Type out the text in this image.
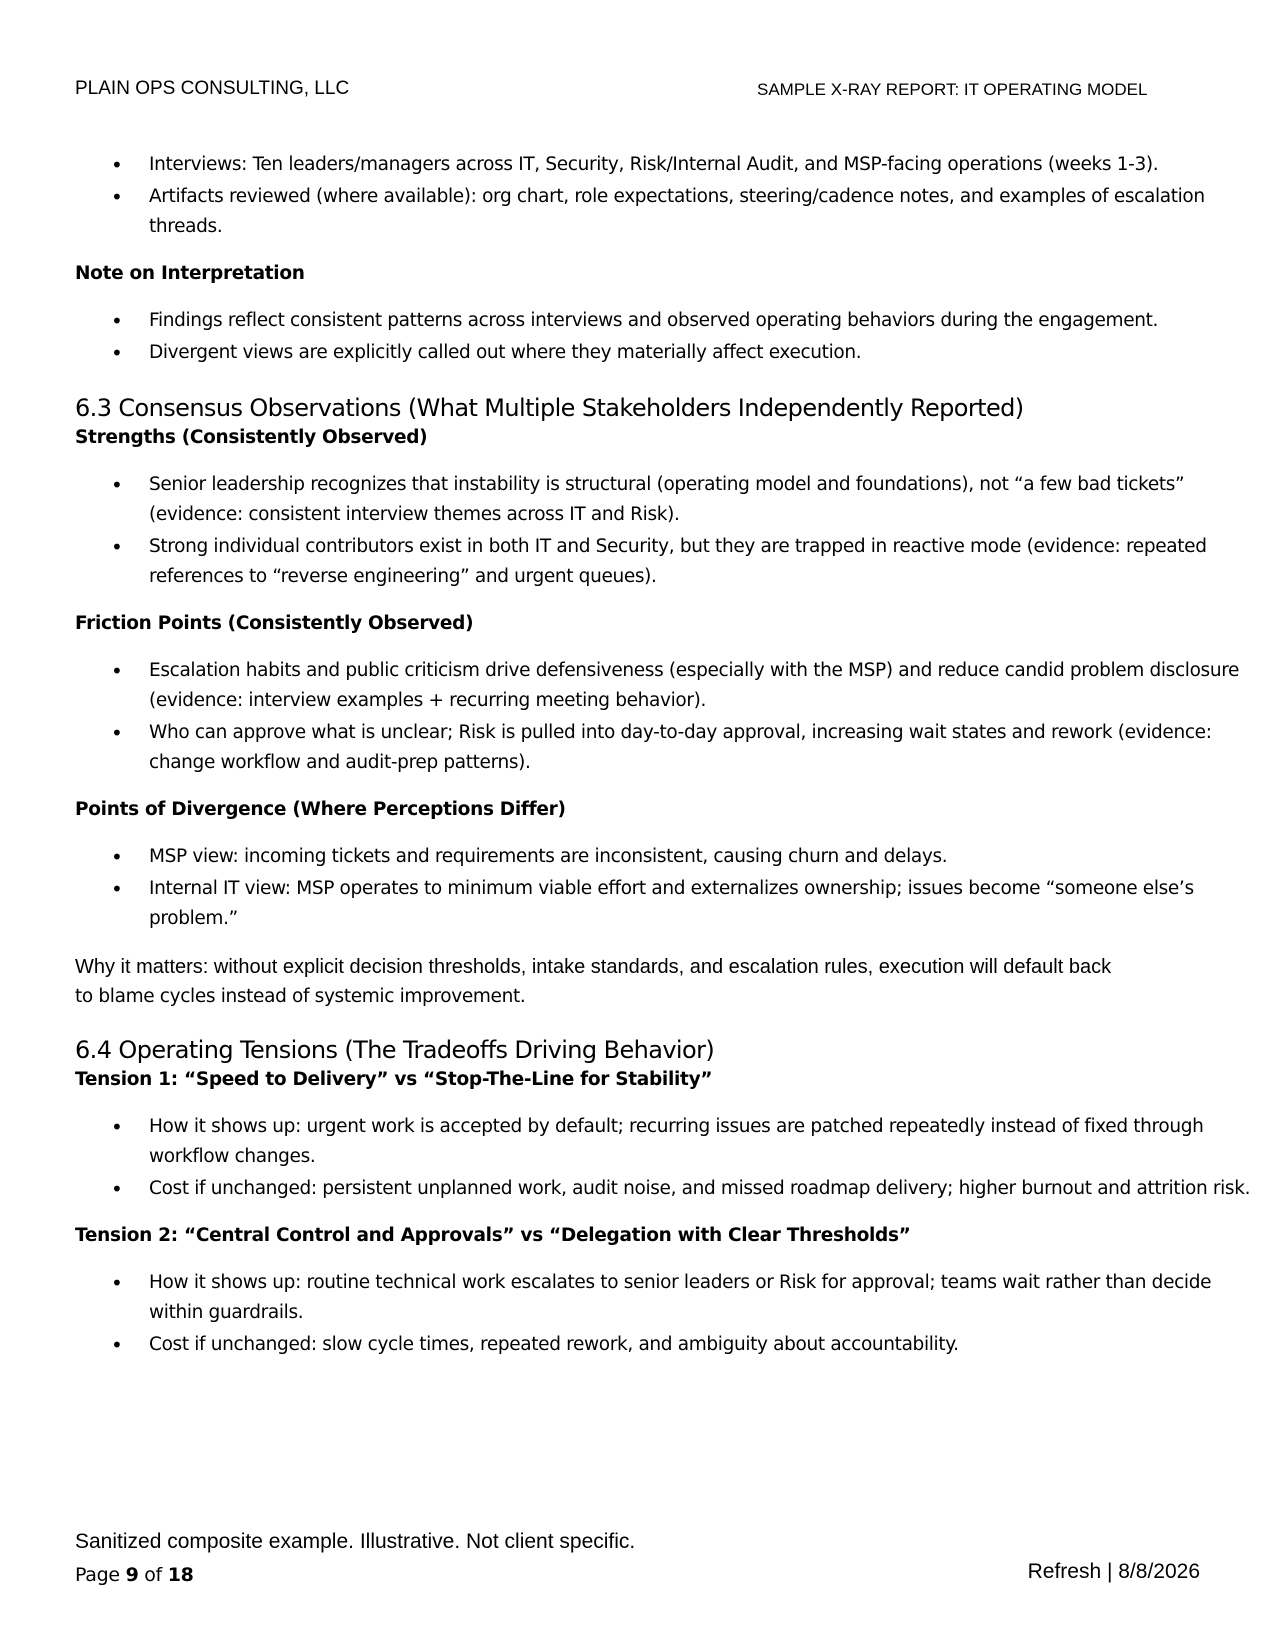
PLAIN OPS CONSULTING, LLC	SAMPLE X-RAY REPORT: IT OPERATING MODEL
• Interviews: Ten leaders/managers across IT, Security, Risk/Internal Audit, and MSP-facing operations (weeks 1-3).
• Artifacts reviewed (where available): org chart, role expectations, steering/cadence notes, and examples of escalation threads.
Note on Interpretation
• Findings reflect consistent patterns across interviews and observed operating behaviors during the engagement.
• Divergent views are explicitly called out where they materially affect execution.
6.3 Consensus Observations (What Multiple Stakeholders Independently Reported)
Strengths (Consistently Observed)
• Senior leadership recognizes that instability is structural (operating model and foundations), not “a few bad tickets” (evidence: consistent interview themes across IT and Risk).
• Strong individual contributors exist in both IT and Security, but they are trapped in reactive mode (evidence: repeated references to “reverse engineering” and urgent queues).
Friction Points (Consistently Observed)
• Escalation habits and public criticism drive defensiveness (especially with the MSP) and reduce candid problem disclosure (evidence: interview examples + recurring meeting behavior).
• Who can approve what is unclear; Risk is pulled into day-to-day approval, increasing wait states and rework (evidence: change workflow and audit-prep patterns).
Points of Divergence (Where Perceptions Differ)
• MSP view: incoming tickets and requirements are inconsistent, causing churn and delays.
• Internal IT view: MSP operates to minimum viable effort and externalizes ownership; issues become “someone else’s problem.”
Why it matters: without explicit decision thresholds, intake standards, and escalation rules, execution will default back
to blame cycles instead of systemic improvement.
6.4 Operating Tensions (The Tradeoffs Driving Behavior)
Tension 1: “Speed to Delivery” vs “Stop-The-Line for Stability”
• How it shows up: urgent work is accepted by default; recurring issues are patched repeatedly instead of fixed through workflow changes.
• Cost if unchanged: persistent unplanned work, audit noise, and missed roadmap delivery; higher burnout and attrition risk.
Tension 2: “Central Control and Approvals” vs “Delegation with Clear Thresholds”
• How it shows up: routine technical work escalates to senior leaders or Risk for approval; teams wait rather than decide within guardrails.
• Cost if unchanged: slow cycle times, repeated rework, and ambiguity about accountability.
Sanitized composite example. Illustrative. Not client specific.
Page 9 of 18	Refresh | 8/8/2026
